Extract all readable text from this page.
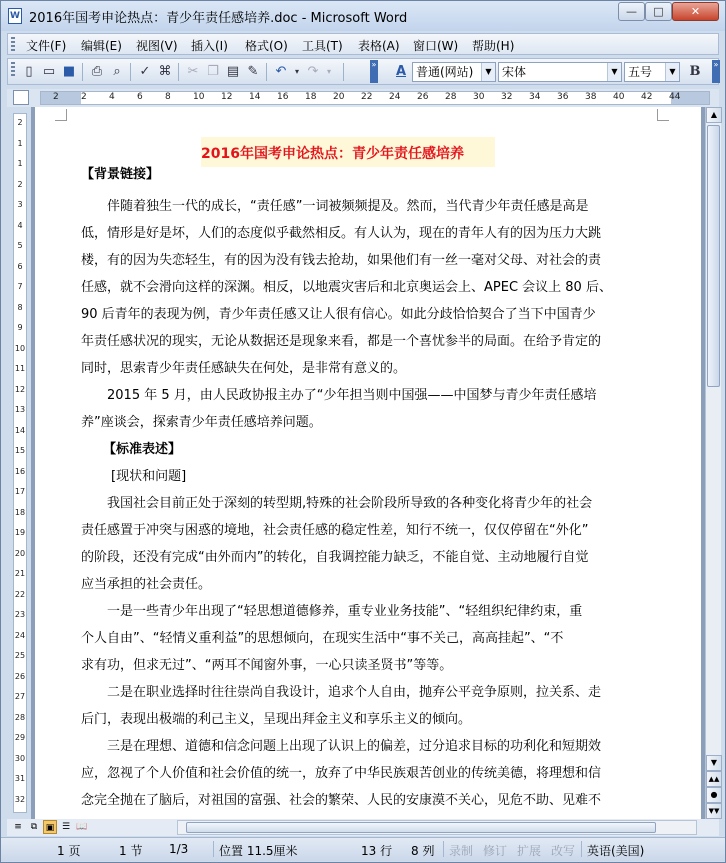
W 2016年国考申论热点：青少年责任感培养.doc - Microsoft Word	—	□	✕
文件(F) 编辑(E) 视图(V) 插入(I) 格式(O) 工具(T) 表格(A) 窗口(W) 帮助(H)
▯ ▭ ■ ⎙ ⌕	✓ ⌘ ✂ ❐ ▤ ✎ ↶	▾ ↷	▾
»	A 普通(网站)	▼ 宋体	▼ 五号	▼ B	»
2 2 4 6 8 10 12 14 16 18 20 22 24 26 28 30 32 34 36 38 40 42 44
2
1
1
2
3
4
5
6
7
8
9
10
11
12
13
14
15
16
17
18
19
20
21
22
23
24
25
26
27
28
29
30
31
32
2016年国考申论热点：青少年责任感培养
【背景链接】
伴随着独生一代的成长，“责任感”一词被频频提及。然而，当代青少年责任感是高是
低，情形是好是坏，人们的态度似乎截然相反。有人认为，现在的青年人有的因为压力大跳
楼，有的因为失恋轻生，有的因为没有钱去抢劫，如果他们有一丝一毫对父母、对社会的责
任感，就不会滑向这样的深渊。相反，以地震灾害后和北京奥运会上、APEC 会议上 80 后、
90 后青年的表现为例，青少年责任感又让人很有信心。如此分歧恰恰契合了当下中国青少
年责任感状况的现实，无论从数据还是现象来看，都是一个喜忧参半的局面。在给予肯定的
同时，思索青少年责任感缺失在何处，是非常有意义的。
2015 年 5 月，由人民政协报主办了“少年担当则中国强——中国梦与青少年责任感培
养”座谈会，探索青少年责任感培养问题。
【标准表述】
[现状和问题]
我国社会目前正处于深刻的转型期,特殊的社会阶段所导致的各种变化将青少年的社会
责任感置于冲突与困惑的境地，社会责任感的稳定性差，知行不统一，仅仅停留在“外化”
的阶段，还没有完成“由外而内”的转化，自我调控能力缺乏，不能自觉、主动地履行自觉
应当承担的社会责任。
一是一些青少年出现了“轻思想道德修养，重专业业务技能”、“轻组织纪律约束，重
个人自由”、“轻情义重利益”的思想倾向，在现实生活中“事不关己，高高挂起”、“不
求有功，但求无过”、“两耳不闻窗外事，一心只读圣贤书”等等。
二是在职业选择时往往崇尚自我设计，追求个人自由，抛弃公平竞争原则，拉关系、走
后门，表现出极端的利己主义，呈现出拜金主义和享乐主义的倾向。
三是在理想、道德和信念问题上出现了认识上的偏差，过分追求目标的功利化和短期效
应，忽视了个人价值和社会价值的统一，放弃了中华民族艰苦创业的传统美德，将理想和信
念完全抛在了脑后，对祖国的富强、社会的繁荣、人民的安康漠不关心，见危不助、见难不
▲
▼
▲▲
●
▼▼
≡	⧉ ▣ ☰ 📖
1 页	1 节 1/3	位置 11.5厘米	13 行 8 列 录制 修订 扩展 改写 英语(美国)
